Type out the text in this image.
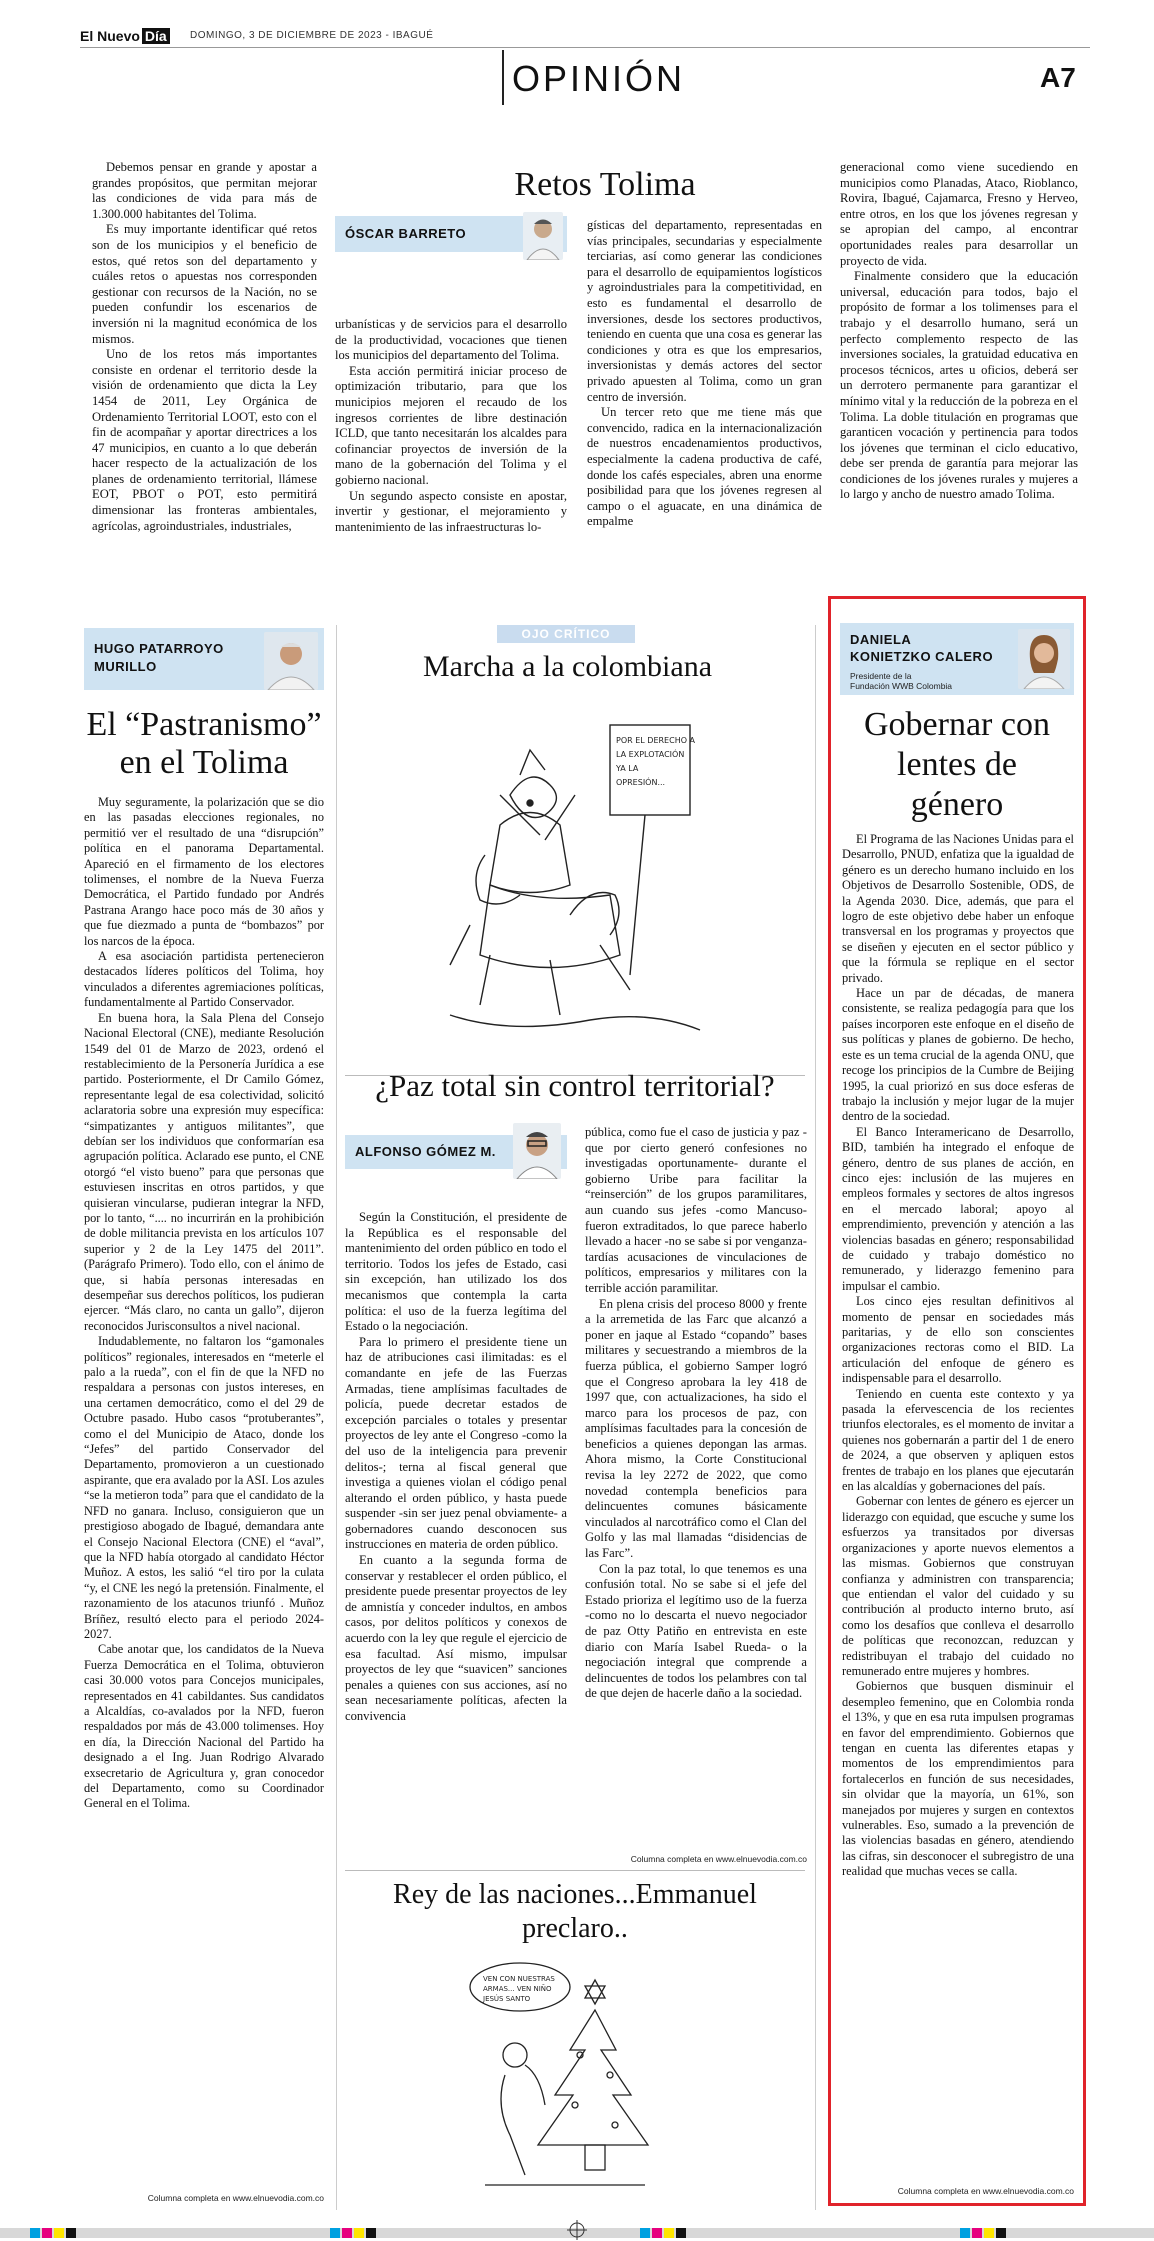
El Nuevo Día	DOMINGO, 3 DE DICIEMBRE DE 2023 - IBAGUÉ
OPINIÓN	A7

Debemos pensar en grande y apostar a grandes propósitos, que permitan mejorar las condiciones de vida para más de 1.300.000 habitantes del Tolima.

Es muy importante identificar qué retos son de los municipios y el beneficio de estos, qué retos son del departamento y cuáles retos o apuestas nos corresponden gestionar con recursos de la Nación, no se pueden confundir los escenarios de inversión ni la magnitud económica de los mismos.

Uno de los retos más importantes consiste en ordenar el territorio desde la visión de ordenamiento que dicta la Ley 1454 de 2011, Ley Orgánica de Ordenamiento Territorial LOOT, esto con el fin de acompañar y aportar directrices a los 47 municipios, en cuanto a lo que deberán hacer respecto de la actualización de los planes de ordenamiento territorial, llámese EOT, PBOT o POT, esto permitirá dimensionar las fronteras ambientales, agrícolas, agroindustriales, industriales,

Retos Tolima
ÓSCAR BARRETO

urbanísticas y de servicios para el desarrollo de la productividad, vocaciones que tienen los municipios del departamento del Tolima.

Esta acción permitirá iniciar proceso de optimización tributario, para que los municipios mejoren el recaudo de los ingresos corrientes de libre destinación ICLD, que tanto necesitarán los alcaldes para cofinanciar proyectos de inversión de la mano de la gobernación del Tolima y el gobierno nacional.

Un segundo aspecto consiste en apostar, invertir y gestionar, el mejoramiento y mantenimiento de las infraestructuras lo-

gísticas del departamento, representadas en vías principales, secundarias y especialmente terciarias, así como generar las condiciones para el desarrollo de equipamientos logísticos y agroindustriales para la competitividad, en esto es fundamental el desarrollo de inversiones, desde los sectores productivos, teniendo en cuenta que una cosa es generar las condiciones y otra es que los empresarios, inversionistas y demás actores del sector privado apuesten al Tolima, como un gran centro de inversión.

Un tercer reto que me tiene más que convencido, radica en la internacionalización de nuestros encadenamientos productivos, especialmente la cadena productiva de café, donde los cafés especiales, abren una enorme posibilidad para que los jóvenes regresen al campo o el aguacate, en una dinámica de empalme

generacional como viene sucediendo en municipios como Planadas, Ataco, Rioblanco, Rovira, Ibagué, Cajamarca, Fresno y Herveo, entre otros, en los que los jóvenes regresan y se apropian del campo, al encontrar oportunidades reales para desarrollar un proyecto de vida.

Finalmente considero que la educación universal, educación para todos, bajo el propósito de formar a los tolimenses para el trabajo y el desarrollo humano, será un perfecto complemento respecto de las inversiones sociales, la gratuidad educativa en procesos técnicos, artes u oficios, deberá ser un derrotero permanente para garantizar el mínimo vital y la reducción de la pobreza en el Tolima. La doble titulación en programas que garanticen vocación y pertinencia para todos los jóvenes que terminan el ciclo educativo, debe ser prenda de garantía para mejorar las condiciones de los jóvenes rurales y mujeres a lo largo y ancho de nuestro amado Tolima.

HUGO PATARROYO
MURILLO
El “Pastranismo”
en el Tolima

Muy seguramente, la polarización que se dio en las pasadas elecciones regionales, no permitió ver el resultado de una “disrupción” política en el panorama Departamental. Apareció en el firmamento de los electores tolimenses, el nombre de la Nueva Fuerza Democrática, el Partido fundado por Andrés Pastrana Arango hace poco más de 30 años y que fue diezmado a punta de “bombazos” por los narcos de la época.

A esa asociación partidista pertenecieron destacados líderes políticos del Tolima, hoy vinculados a diferentes agremiaciones políticas, fundamentalmente al Partido Conservador.

En buena hora, la Sala Plena del Consejo Nacional Electoral (CNE), mediante Resolución 1549 del 01 de Marzo de 2023, ordenó el restablecimiento de la Personería Jurídica a ese partido. Posteriormente, el Dr Camilo Gómez, representante legal de esa colectividad, solicitó aclaratoria sobre una expresión muy específica: “simpatizantes y antiguos militantes”, que debían ser los individuos que conformarían esa agrupación política. Aclarado ese punto, el CNE otorgó “el visto bueno” para que personas que estuviesen inscritas en otros partidos, y que quisieran vincularse, pudieran integrar la NFD, por lo tanto, “.... no incurrirán en la prohibición de doble militancia prevista en los artículos 107 superior y 2 de la Ley 1475 del 2011”. (Parágrafo Primero). Todo ello, con el ánimo de que, si había personas interesadas en desempeñar sus derechos políticos, los pudieran ejercer. “Más claro, no canta un gallo”, dijeron reconocidos Jurisconsultos a nivel nacional.

Indudablemente, no faltaron los “gamonales políticos” regionales, interesados en “meterle el palo a la rueda”, con el fin de que la NFD no respaldara a personas con justos intereses, en una certamen democrático, como el del 29 de Octubre pasado. Hubo casos “protuberantes”, como el del Municipio de Ataco, donde los “Jefes” del partido Conservador del Departamento, promovieron a un cuestionado aspirante, que era avalado por la ASI. Los azules “se la metieron toda” para que el candidato de la NFD no ganara. Incluso, consiguieron que un prestigioso abogado de Ibagué, demandara ante el Consejo Nacional Electora (CNE) el “aval”, que la NFD había otorgado al candidato Héctor Muñoz. A estos, les salió “el tiro por la culata “y, el CNE les negó la pretensión. Finalmente, el razonamiento de los atacunos triunfó . Muñoz Bríñez, resultó electo para el periodo 2024-2027.

Cabe anotar que, los candidatos de la Nueva Fuerza Democrática en el Tolima, obtuvieron casi 30.000 votos para Concejos municipales, representados en 41 cabildantes. Sus candidatos a Alcaldías, co-avalados por la NFD, fueron respaldados por más de 43.000 tolimenses. Hoy en día, la Dirección Nacional del Partido ha designado a el Ing. Juan Rodrigo Alvarado exsecretario de Agricultura y, gran conocedor del Departamento, como su Coordinador General en el Tolima.

Columna completa en www.elnuevodia.com.co
OJO CRÍTICO
Marcha a la colombiana
POR EL DERECHO A
LA EXPLOTACIÓN
YA LA
OPRESIÓN...
¿Paz total sin control territorial?
ALFONSO GÓMEZ M.

Según la Constitución, el presidente de la República es el responsable del mantenimiento del orden público en todo el territorio. Todos los jefes de Estado, casi sin excepción, han utilizado los dos mecanismos que contempla la carta política: el uso de la fuerza legítima del Estado o la negociación.

Para lo primero el presidente tiene un haz de atribuciones casi ilimitadas: es el comandante en jefe de las Fuerzas Armadas, tiene amplísimas facultades de policía, puede decretar estados de excepción parciales o totales y presentar proyectos de ley ante el Congreso -como la del uso de la inteligencia para prevenir delitos-; terna al fiscal general que investiga a quienes violan el código penal alterando el orden público, y hasta puede suspender -sin ser juez penal obviamente- a gobernadores cuando desconocen sus instrucciones en materia de orden público.

En cuanto a la segunda forma de conservar y restablecer el orden público, el presidente puede presentar proyectos de ley de amnistía y conceder indultos, en ambos casos, por delitos políticos y conexos de acuerdo con la ley que regule el ejercicio de esa facultad. Así mismo, impulsar proyectos de ley que “suavicen” sanciones penales a quienes con sus acciones, así no sean necesariamente políticas, afecten la convivencia

pública, como fue el caso de justicia y paz -que por cierto generó confesiones no investigadas oportunamente- durante el gobierno Uribe para facilitar la “reinserción” de los grupos paramilitares, aun cuando sus jefes -como Mancuso- fueron extraditados, lo que parece haberlo llevado a hacer -no se sabe si por venganza- tardías acusaciones de vinculaciones de políticos, empresarios y militares con la terrible acción paramilitar.

En plena crisis del proceso 8000 y frente a la arremetida de las Farc que alcanzó a poner en jaque al Estado “copando” bases militares y secuestrando a miembros de la fuerza pública, el gobierno Samper logró que el Congreso aprobara la ley 418 de 1997 que, con actualizaciones, ha sido el marco para los procesos de paz, con amplísimas facultades para la concesión de beneficios a quienes depongan las armas. Ahora mismo, la Corte Constitucional revisa la ley 2272 de 2022, que como novedad contempla beneficios para delincuentes comunes básicamente vinculados al narcotráfico como el Clan del Golfo y las mal llamadas “disidencias de las Farc”.

Con la paz total, lo que tenemos es una confusión total. No se sabe si el jefe del Estado prioriza el legítimo uso de la fuerza -como no lo descarta el nuevo negociador de paz Otty Patiño en entrevista en este diario con María Isabel Rueda- o la negociación integral que comprende a delincuentes de todos los pelambres con tal de que dejen de hacerle daño a la sociedad.

Columna completa en www.elnuevodia.com.co
Rey de las naciones...Emmanuel
preclaro..
VEN CON NUESTRAS
ARMAS... VEN NIÑO
JESÚS SANTO
DANIELA
KONIETZKO CALERO
Presidente de la
Fundación WWB Colombia
Gobernar con
lentes de
género

El Programa de las Naciones Unidas para el Desarrollo, PNUD, enfatiza que la igualdad de género es un derecho humano incluido en los Objetivos de Desarrollo Sostenible, ODS, de la Agenda 2030. Dice, además, que para el logro de este objetivo debe haber un enfoque transversal en los programas y proyectos que se diseñen y ejecuten en el sector público y que la fórmula se replique en el sector privado.

Hace un par de décadas, de manera consistente, se realiza pedagogía para que los países incorporen este enfoque en el diseño de sus políticas y planes de gobierno. De hecho, este es un tema crucial de la agenda ONU, que recoge los principios de la Cumbre de Beijing 1995, la cual priorizó en sus doce esferas de trabajo la inclusión y mejor lugar de la mujer dentro de la sociedad.

El Banco Interamericano de Desarrollo, BID, también ha integrado el enfoque de género, dentro de sus planes de acción, en cinco ejes: inclusión de las mujeres en empleos formales y sectores de altos ingresos en el mercado laboral; apoyo al emprendimiento, prevención y atención a las violencias basadas en género; responsabilidad de cuidado y trabajo doméstico no remunerado, y liderazgo femenino para impulsar el cambio.

Los cinco ejes resultan definitivos al momento de pensar en sociedades más paritarias, y de ello son conscientes organizaciones rectoras como el BID. La articulación del enfoque de género es indispensable para el desarrollo.

Teniendo en cuenta este contexto y ya pasada la efervescencia de los recientes triunfos electorales, es el momento de invitar a quienes nos gobernarán a partir del 1 de enero de 2024, a que observen y apliquen estos frentes de trabajo en los planes que ejecutarán en las alcaldías y gobernaciones del país.

Gobernar con lentes de género es ejercer un liderazgo con equidad, que escuche y sume los esfuerzos ya transitados por diversas organizaciones y aporte nuevos elementos a las mismas. Gobiernos que construyan confianza y administren con transparencia; que entiendan el valor del cuidado y su contribución al producto interno bruto, así como los desafíos que conlleva el desarrollo de políticas que reconozcan, reduzcan y redistribuyan el trabajo del cuidado no remunerado entre mujeres y hombres.

Gobiernos que busquen disminuir el desempleo femenino, que en Colombia ronda el 13%, y que en esa ruta impulsen programas en favor del emprendimiento. Gobiernos que tengan en cuenta las diferentes etapas y momentos de los emprendimientos para fortalecerlos en función de sus necesidades, sin olvidar que la mayoría, un 61%, son manejados por mujeres y surgen en contextos vulnerables. Eso, sumado a la prevención de las violencias basadas en género, atendiendo las cifras, sin desconocer el subregistro de una realidad que muchas veces se calla.

Columna completa en www.elnuevodia.com.co
